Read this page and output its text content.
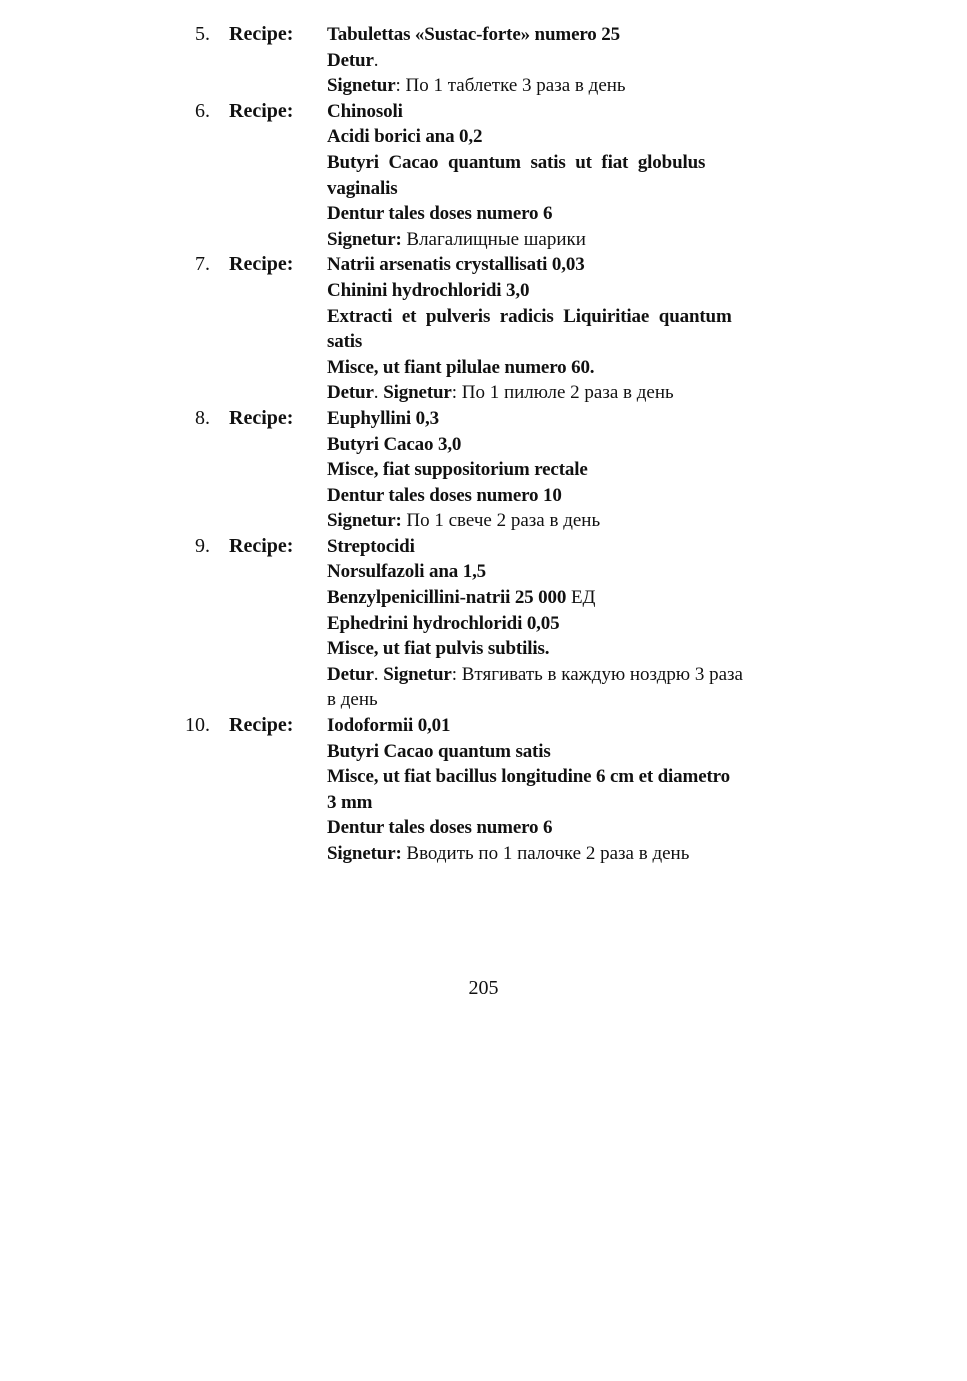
5. Recipe: Tabulettas «Sustac-forte» numero 25
Detur.
Signetur: По 1 таблетке 3 раза в день
6. Recipe: Chinosoli
Acidi borici ana 0,2
Butyri Cacao quantum satis ut fiat globulus
vaginalis
Dentur tales doses numero 6
Signetur: Влагалищные шарики
7. Recipe: Natrii arsenatis crystallisati 0,03
Chinini hydrochloridi 3,0
Extracti et pulveris radicis Liquiritiae quantum
satis
Misce, ut fiant pilulae numero 60.
Detur. Signetur: По 1 пилюле 2 раза в день
8. Recipe: Euphyllini 0,3
Butyri Cacao 3,0
Misce, fiat suppositorium rectale
Dentur tales doses numero 10
Signetur: По 1 свече 2 раза в день
9. Recipe: Streptocidi
Norsulfazoli ana 1,5
Benzylpenicillini-natrii 25 000 ЕД
Ephedrini hydrochloridi 0,05
Misce, ut fiat pulvis subtilis.
Detur. Signetur: Втягивать в каждую ноздрю 3 раза
в день
10. Recipe: Iodoformii 0,01
Butyri Cacao quantum satis
Misce, ut fiat bacillus longitudine 6 cm et diametro
3 mm
Dentur tales doses numero 6
Signetur: Вводить по 1 палочке 2 раза в день
205
